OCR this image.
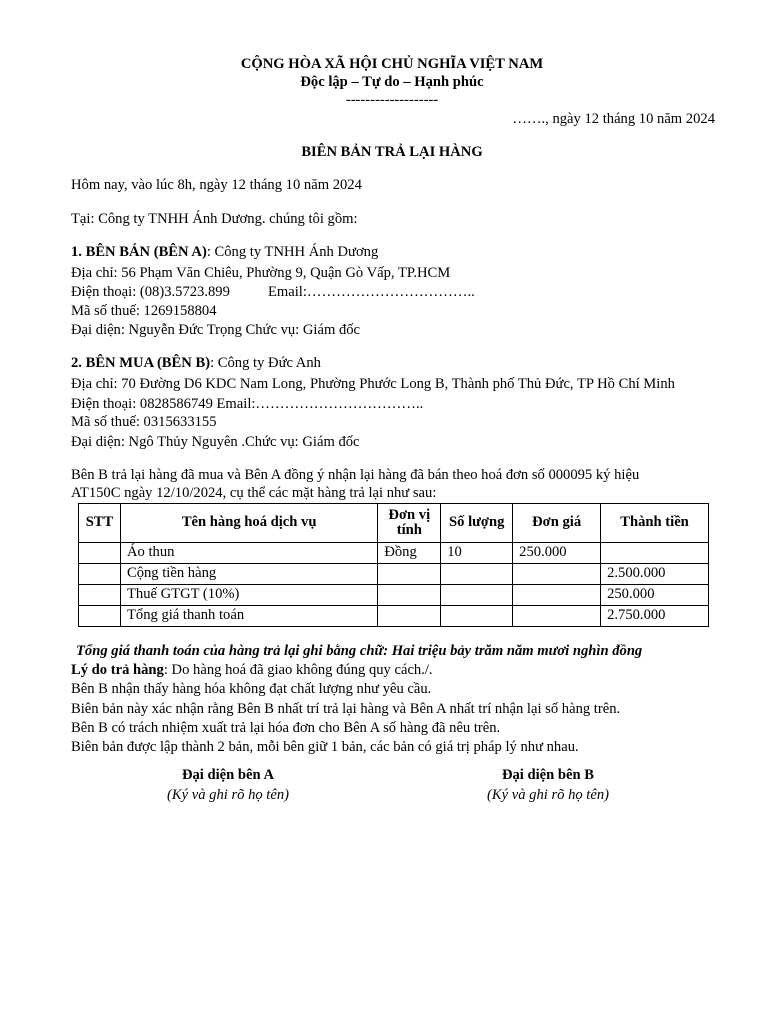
CỘNG HÒA XÃ HỘI CHỦ NGHĨA VIỆT NAM
Độc lập – Tự do – Hạnh phúc
-------------------
……., ngày 12 tháng 10 năm 2024
BIÊN BẢN TRẢ LẠI HÀNG
Hôm nay, vào lúc 8h, ngày 12 tháng 10 năm 2024
Tại: Công ty TNHH Ánh Dương. chúng tôi gồm:
1. BÊN BÁN (BÊN A): Công ty TNHH Ánh Dương
Địa chỉ: 56 Phạm Văn Chiêu, Phường 9, Quận Gò Vấp, TP.HCM
Điện thoại: (08)3.5723.899	Email:……………………………..
Mã số thuế: 1269158804
Đại diện: Nguyễn Đức Trọng Chức vụ: Giám đốc
2. BÊN MUA (BÊN B): Công ty Đức Anh
Địa chỉ: 70 Đường D6 KDC Nam Long, Phường Phước Long B, Thành phố Thủ Đức, TP Hồ Chí Minh
Điện thoại: 0828586749 Email:……………………………..
Mã số thuế: 0315633155
Đại diện: Ngô Thủy Nguyên .Chức vụ: Giám đốc
Bên B trả lại hàng đã mua và Bên A đồng ý nhận lại hàng đã bán theo hoá đơn số 000095 ký hiệu
AT150C ngày 12/10/2024, cụ thể các mặt hàng trả lại như sau:
STT	Tên hàng hoá dịch vụ	Đơn vị tính	Số lượng	Đơn giá	Thành tiền
	Áo thun	Đồng	10	250.000	
	Cộng tiền hàng				2.500.000
	Thuế GTGT (10%)				250.000
	Tổng giá thanh toán				2.750.000
Tổng giá thanh toán của hàng trả lại ghi bằng chữ: Hai triệu bảy trăm năm mươi nghìn đồng
Lý do trả hàng: Do hàng hoá đã giao không đúng quy cách./.
Bên B nhận thấy hàng hóa không đạt chất lượng như yêu cầu.
Biên bản này xác nhận rằng Bên B nhất trí trả lại hàng và Bên A nhất trí nhận lại số hàng trên.
Bên B có trách nhiệm xuất trả lại hóa đơn cho Bên A số hàng đã nêu trên.
Biên bản được lập thành 2 bản, mỗi bên giữ 1 bản, các bản có giá trị pháp lý như nhau.
Đại diện bên A
(Ký và ghi rõ họ tên)
Đại diện bên B
(Ký và ghi rõ họ tên)
